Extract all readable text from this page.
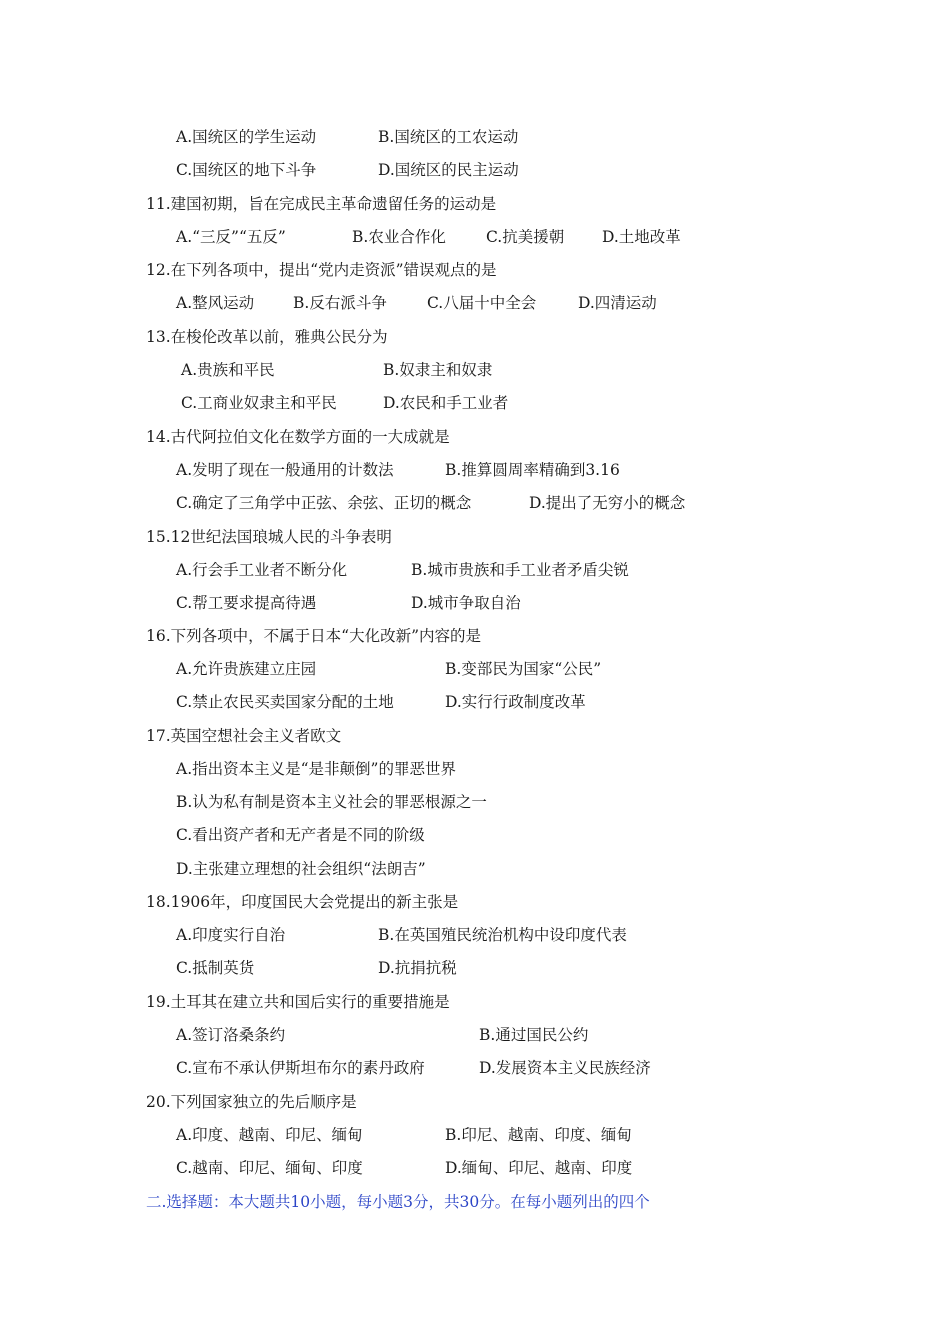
A.国统区的学生运动	B.国统区的工农运动
C.国统区的地下斗争	D.国统区的民主运动
11.建国初期，旨在完成民主革命遗留任务的运动是
A.“三反”“五反”	B.农业合作化	C.抗美援朝 D.土地改革
12.在下列各项中，提出“党内走资派”错误观点的是
A.整风运动	B.反右派斗争	C.八届十中全会	D.四清运动
13.在梭伦改革以前，雅典公民分为
A.贵族和平民	B.奴隶主和奴隶
C.工商业奴隶主和平民	D.农民和手工业者
14.古代阿拉伯文化在数学方面的一大成就是
A.发明了现在一般通用的计数法	B.推算圆周率精确到3.16
C.确定了三角学中正弦、余弦、正切的概念	D.提出了无穷小的概念
15.12世纪法国琅城人民的斗争表明
A.行会手工业者不断分化	B.城市贵族和手工业者矛盾尖锐
C.帮工要求提高待遇	D.城市争取自治
16.下列各项中，不属于日本“大化改新”内容的是
A.允许贵族建立庄园	B.变部民为国家“公民”
C.禁止农民买卖国家分配的土地	D.实行行政制度改革
17.英国空想社会主义者欧文
A.指出资本主义是“是非颠倒”的罪恶世界
B.认为私有制是资本主义社会的罪恶根源之一
C.看出资产者和无产者是不同的阶级
D.主张建立理想的社会组织“法朗吉”
18.1906年，印度国民大会党提出的新主张是
A.印度实行自治	B.在英国殖民统治机构中设印度代表
C.抵制英货	D.抗捐抗税
19.土耳其在建立共和国后实行的重要措施是
A.签订洛桑条约	B.通过国民公约
C.宣布不承认伊斯坦布尔的素丹政府	D.发展资本主义民族经济
20.下列国家独立的先后顺序是
A.印度、越南、印尼、缅甸	B.印尼、越南、印度、缅甸
C.越南、印尼、缅甸、印度	D.缅甸、印尼、越南、印度
二.选择题：本大题共10小题，每小题3分，共30分。在每小题列出的四个
